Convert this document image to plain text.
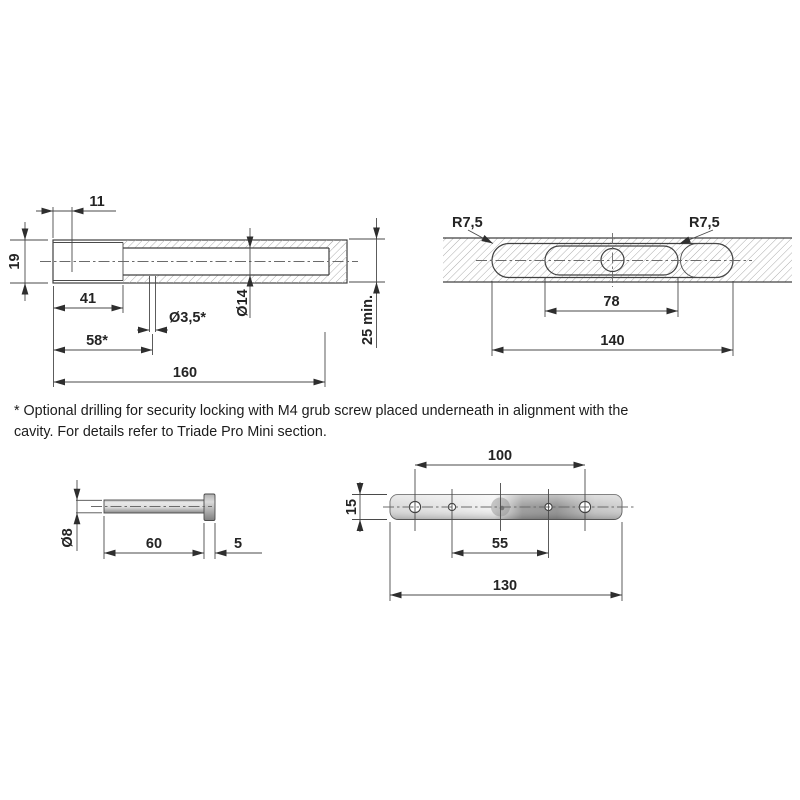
11
19
41
Ø3,5*
58*
160
Ø14	25 min.
R7,5	R7,5
78
140
Ø8	60	5
100
15
55
130
* Optional drilling for security locking with M4 grub screw placed underneath in alignment with the
cavity. For details refer to Triade Pro Mini section.
